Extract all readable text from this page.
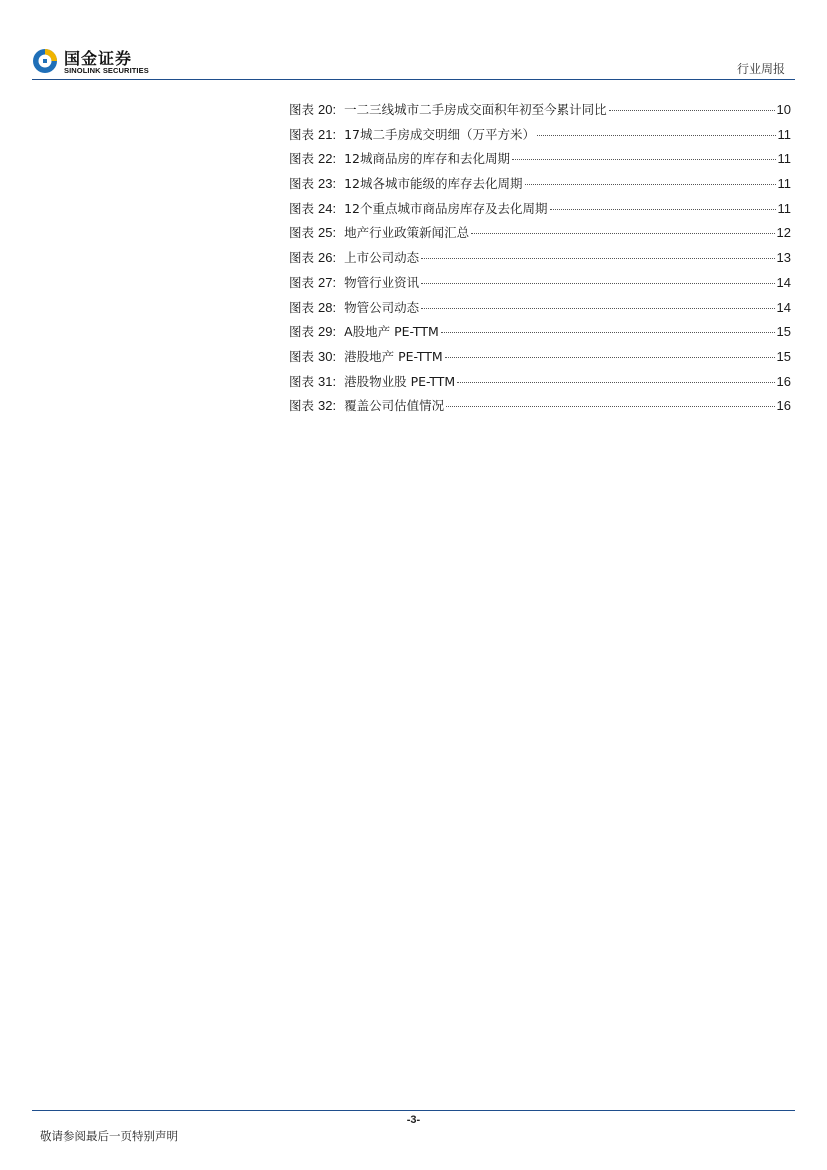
国金证券
SINOLINK SECURITIES	行业周报
图表 20: 一二三线城市二手房成交面积年初至今累计同比	10
图表 21: 17城二手房成交明细（万平方米）	11
图表 22: 12城商品房的库存和去化周期	11
图表 23: 12城各城市能级的库存去化周期	11
图表 24: 12个重点城市商品房库存及去化周期	11
图表 25: 地产行业政策新闻汇总	12
图表 26: 上市公司动态	13
图表 27: 物管行业资讯	14
图表 28: 物管公司动态	14
图表 29: A股地产 PE-TTM	15
图表 30: 港股地产 PE-TTM	15
图表 31: 港股物业股 PE-TTM	16
图表 32: 覆盖公司估值情况	16
-3-
敬请参阅最后一页特别声明
